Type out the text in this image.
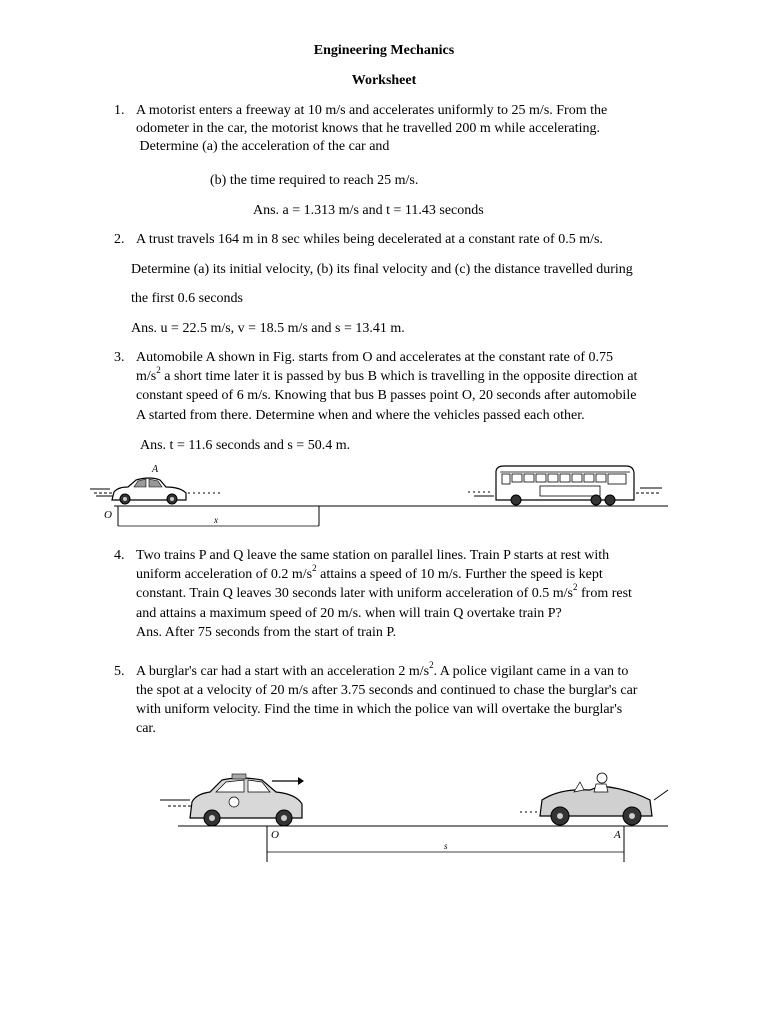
Engineering Mechanics
Worksheet
1. A motorist enters a freeway at 10 m/s and accelerates uniformly to 25 m/s. From the
odometer in the car, the motorist knows that he travelled 200 m while accelerating.
Determine (a) the acceleration of the car and
(b) the time required to reach 25 m/s.
Ans. a = 1.313 m/s and t = 11.43 seconds
2. A trust travels 164 m in 8 sec whiles being decelerated at a constant rate of 0.5 m/s.
Determine (a) its initial velocity, (b) its final velocity and (c) the distance travelled during
the first 0.6 seconds
Ans. u = 22.5 m/s, v = 18.5 m/s and s = 13.41 m.
3. Automobile A shown in Fig. starts from O and accelerates at the constant rate of 0.75
$m/s^2$ a short time later it is passed by bus B which is travelling in the opposite direction at
constant speed of 6 m/s. Knowing that bus B passes point O, 20 seconds after automobile
A started from there. Determine when and where the vehicles passed each other.
Ans. t = 11.6 seconds and s = 50.4 m.
A
O	x
4. Two trains P and Q leave the same station on parallel lines. Train P starts at rest with
uniform acceleration of 0.2 $m/s^2$ attains a speed of 10 m/s. Further the speed is kept
constant. Train Q leaves 30 seconds later with uniform acceleration of 0.5 $m/s^2$ from rest
and attains a maximum speed of 20 m/s. when will train Q overtake train P?
Ans. After 75 seconds from the start of train P.
5. A burglar's car had a start with an acceleration 2 $m/s^2$. A police vigilant came in a van to
the spot at a velocity of 20 m/s after 3.75 seconds and continued to chase the burglar's car
with uniform velocity. Find the time in which the police van will overtake the burglar's
car.
O	A
s
